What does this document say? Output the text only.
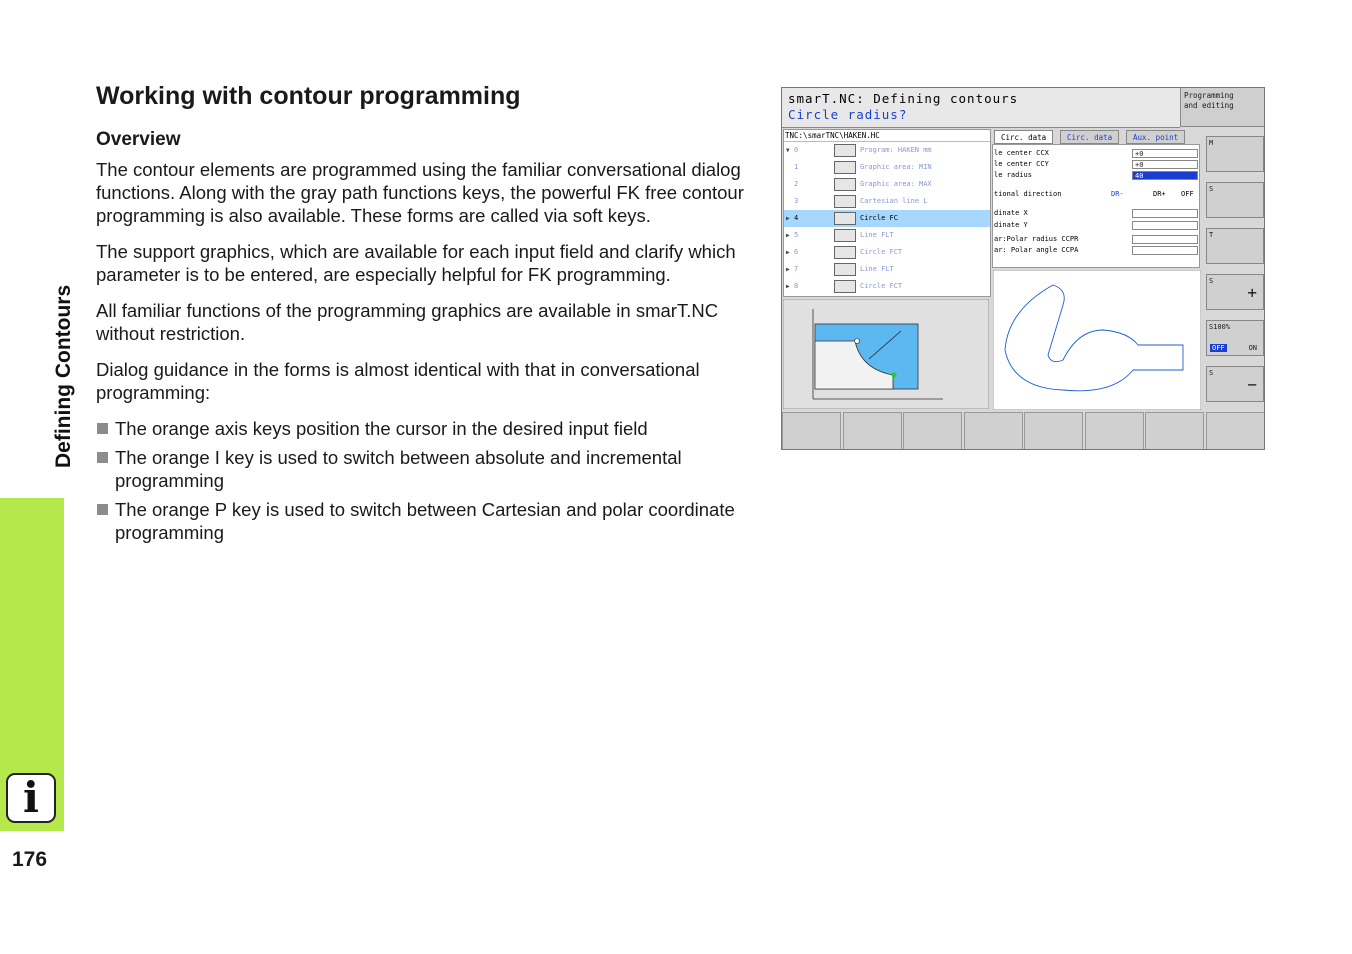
Defining Contours
i
176
Working with contour programming
Overview

The contour elements are programmed using the familiar conversational dialog functions. Along with the gray path functions keys, the powerful FK free contour programming is also available. These forms are called via soft keys.

The support graphics, which are available for each input field and clarify which parameter is to be entered, are especially helpful for FK programming.

All familiar functions of the programming graphics are available in smarT.NC without restriction.

Dialog guidance in the forms is almost identical with that in conversational programming:

The orange axis keys position the cursor in the desired input field
The orange I key is used to switch between absolute and incremental programming
The orange P key is used to switch between Cartesian and polar coordinate programming
smarT.NC: Defining contours
Circle radius?
Programming
and editing
TNC:\smarTNC\HAKEN.HC
▼ 0	Program: HAKEN mm
1	Graphic area: MIN
2	Graphic area: MAX
3	Cartesian line L
▶ 4	Circle FC
▶ 5	Line FLT
▶ 6	Circle FCT
▶ 7	Line FLT
▶ 8	Circle FCT
Circ. data	Circ. data	Aux. point
le center CCX	+0
le center CCY	+0
le radius	40
tional direction	DR-	DR+ OFF
dinate X
dinate Y
ar:Polar radius CCPR
ar: Polar angle CCPA
M
S
T
S
+
S100%
OFF	ON
S
−
